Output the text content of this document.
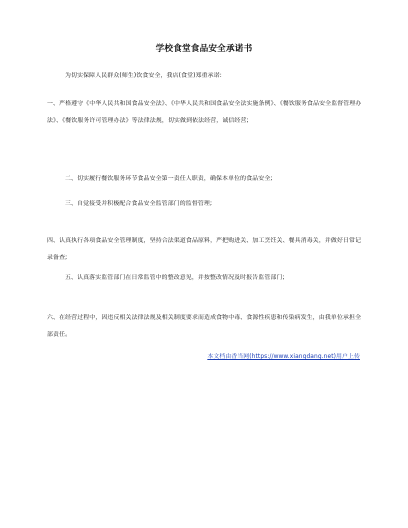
学校食堂食品安全承诺书

为切实保障人民群众(师生)饮食安全，我店(食堂)郑重承诺:

一、严格遵守《中华人民共和国食品安全法》、《中华人民共和国食品安全法实施条例》、《餐饮服务食品安全监督管理办法》、《餐饮服务许可管理办法》等法律法规，切实做到依法经营，诚信经营;

二、切实履行餐饮服务环节食品安全第一责任人职责，确保本单位的食品安全;

三、自觉接受并积极配合食品安全监管部门的监督管理;

四、认真执行各项食品安全管理制度，坚持合法渠道食品原料，严把购进关、加工烹饪关、餐具消毒关，并做好日常记录备查;

五、认真落实监管部门在日常监管中的整改意见，并按整改情况及时报告监管部门;

六、在经营过程中，因违反相关法律法规及相关制度要求而造成食物中毒、食源性疾患和传染病发生，由我单位承担全部责任。

本文档由香当网(https://www.xiangdang.net)用户上传
